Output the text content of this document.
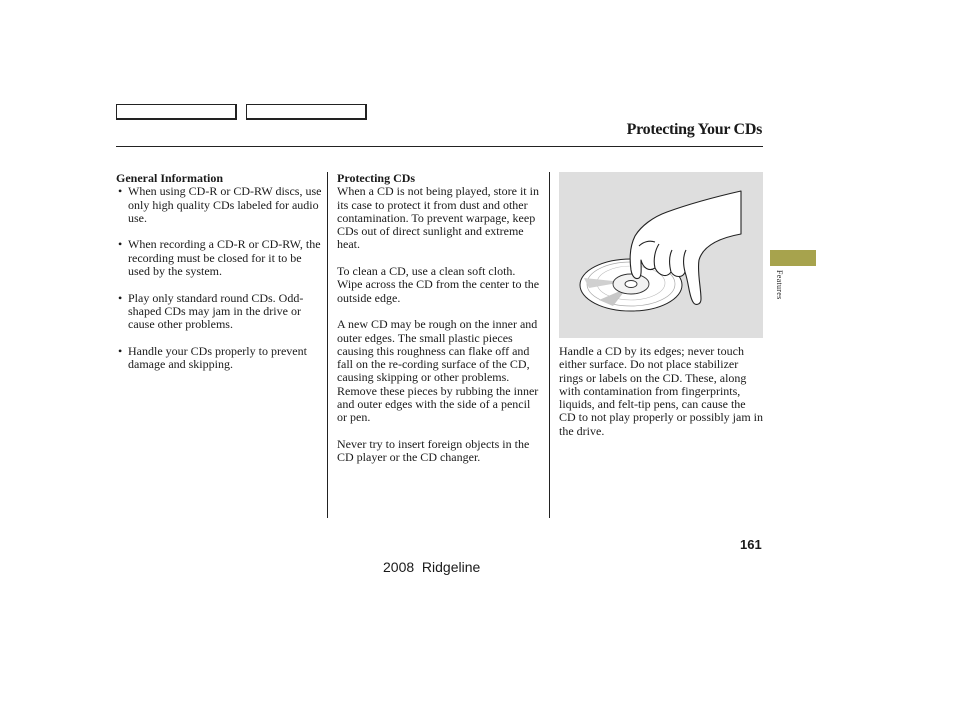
Protecting Your CDs
General Information
• When using CD-R or CD-RW discs, use only high quality CDs labeled for audio use.
• When recording a CD-R or CD-RW, the recording must be closed for it to be used by the system.
• Play only standard round CDs. Odd-shaped CDs may jam in the drive or cause other problems.
• Handle your CDs properly to prevent damage and skipping.
Protecting CDs

When a CD is not being played, store it in its case to protect it from dust and other contamination. To prevent warpage, keep CDs out of direct sunlight and extreme heat.

To clean a CD, use a clean soft cloth. Wipe across the CD from the center to the outside edge.

A new CD may be rough on the inner and outer edges. The small plastic pieces causing this roughness can flake off and fall on the re-cording surface of the CD, causing skipping or other problems. Remove these pieces by rubbing the inner and outer edges with the side of a pencil or pen.

Never try to insert foreign objects in the CD player or the CD changer.

Handle a CD by its edges; never touch either surface. Do not place stabilizer rings or labels on the CD. These, along with contamination from fingerprints, liquids, and felt-tip pens, can cause the CD to not play properly or possibly jam in the drive.

Features
161
2008  Ridgeline
